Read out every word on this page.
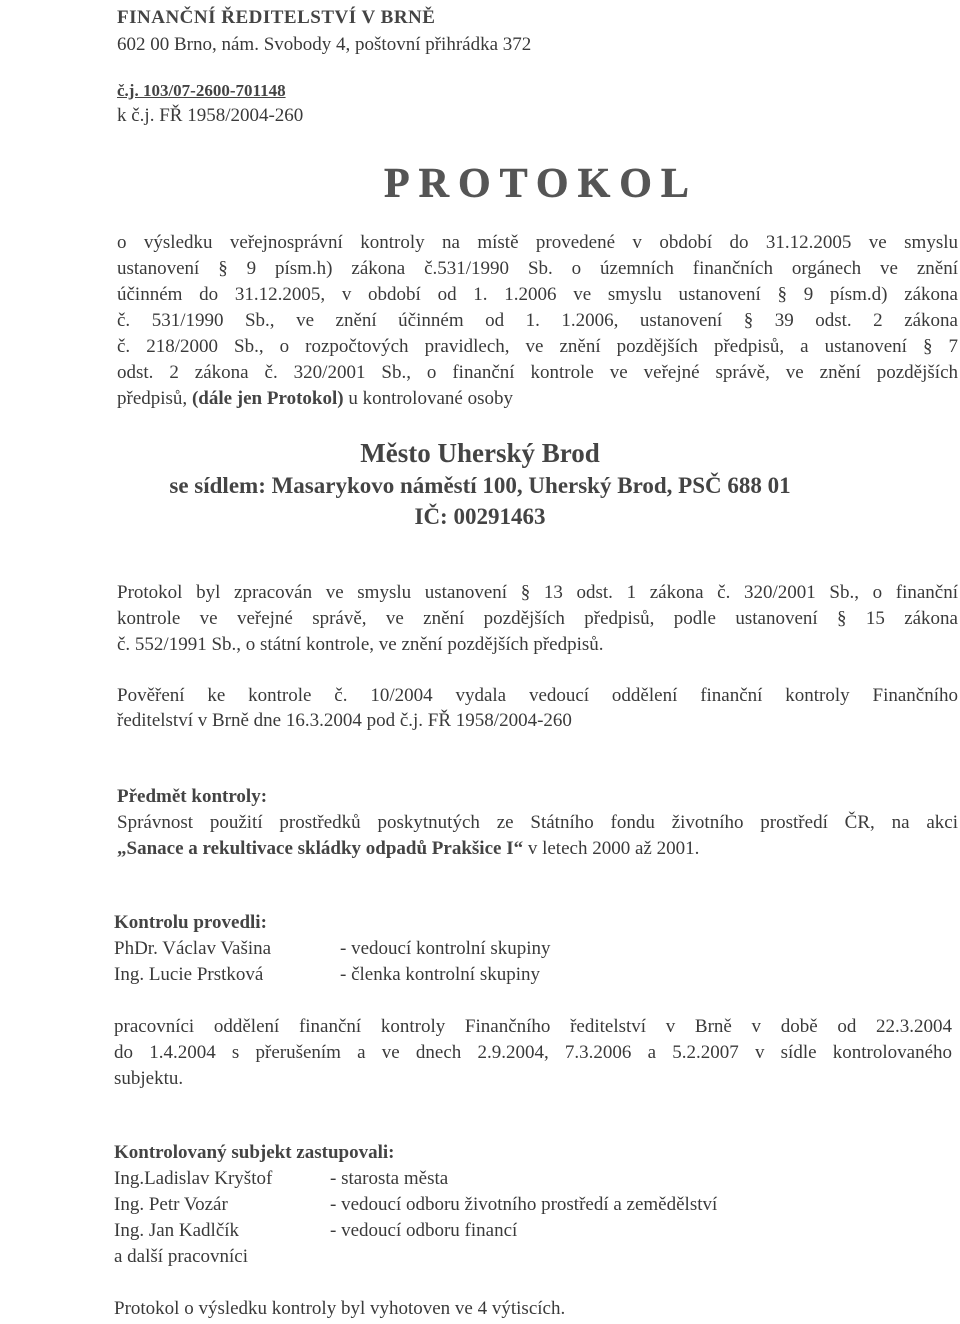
FINANČNÍ ŘEDITELSTVÍ V BRNĚ
602 00 Brno, nám. Svobody 4, poštovní přihrádka 372
č.j. 103/07-2600-701148
k č.j. FŘ 1958/2004-260
PROTOKOL
o výsledku veřejnosprávní kontroly na místě provedené v období do 31.12.2005 ve smyslu
ustanovení § 9 písm.h) zákona č.531/1990 Sb. o územních finančních orgánech ve znění
účinném do 31.12.2005, v období od 1. 1.2006 ve smyslu ustanovení § 9 písm.d) zákona
č. 531/1990 Sb., ve znění účinném od 1. 1.2006, ustanovení § 39 odst. 2 zákona
č. 218/2000 Sb., o rozpočtových pravidlech, ve znění pozdějších předpisů, a ustanovení § 7
odst. 2 zákona č. 320/2001 Sb., o finanční kontrole ve veřejné správě, ve znění pozdějších
předpisů, (dále jen Protokol) u kontrolované osoby
Město Uherský Brod
se sídlem: Masarykovo náměstí 100, Uherský Brod, PSČ 688 01
IČ: 00291463
Protokol byl zpracován ve smyslu ustanovení § 13 odst. 1 zákona č. 320/2001 Sb., o finanční
kontrole ve veřejné správě, ve znění pozdějších předpisů, podle ustanovení § 15 zákona
č. 552/1991 Sb., o státní kontrole, ve znění pozdějších předpisů.
Pověření ke kontrole č. 10/2004 vydala vedoucí oddělení finanční kontroly Finančního
ředitelství v Brně dne 16.3.2004 pod č.j. FŘ 1958/2004-260
Předmět kontroly:
Správnost použití prostředků poskytnutých ze Státního fondu životního prostředí ČR, na akci
„Sanace a rekultivace skládky odpadů Prakšice I“ v letech 2000 až 2001.
Kontrolu provedli:
PhDr. Václav Vašina	- vedoucí kontrolní skupiny
Ing. Lucie Prstková	- členka kontrolní skupiny
pracovníci oddělení finanční kontroly Finančního ředitelství v Brně v době od 22.3.2004
do 1.4.2004 s přerušením a ve dnech 2.9.2004, 7.3.2006 a 5.2.2007 v sídle kontrolovaného
subjektu.
Kontrolovaný subjekt zastupovali:
Ing.Ladislav Kryštof	- starosta města
Ing. Petr Vozár	- vedoucí odboru životního prostředí a zemědělství
Ing. Jan Kadlčík	- vedoucí odboru financí
a další pracovníci
Protokol o výsledku kontroly byl vyhotoven ve 4 výtiscích.
